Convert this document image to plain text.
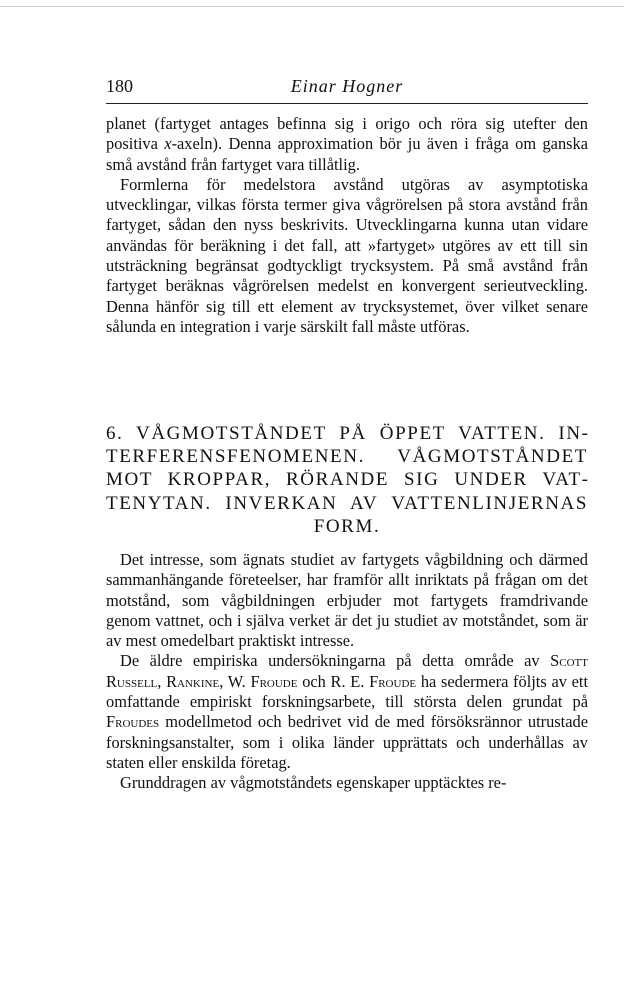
180	Einar Hogner

planet (fartyget antages befinna sig i origo och röra sig utefter den positiva x-axeln). Denna approximation bör ju även i fråga om ganska små avstånd från fartyget vara tillåtlig.

Formlerna för medelstora avstånd utgöras av asymptotiska utvecklingar, vilkas första termer giva vågrörelsen på stora avstånd från fartyget, sådan den nyss beskrivits. Utvecklingarna kunna utan vidare användas för beräkning i det fall, att »fartyget» utgöres av ett till sin utsträckning begränsat godtyckligt trycksystem. På små avstånd från fartyget beräknas vågrörelsen medelst en konvergent serieutveckling. Denna hänför sig till ett element av trycksystemet, över vilket senare sålunda en integration i varje särskilt fall måste utföras.

6. VÅGMOTSTÅNDET PÅ ÖPPET VATTEN. INTERFERENSFENOMENEN. VÅGMOTSTÅNDET MOT KROPPAR, RÖRANDE SIG UNDER VATTENYTAN. INVERKAN AV VATTENLINJERNAS FORM.

Det intresse, som ägnats studiet av fartygets vågbildning och därmed sammanhängande företeelser, har framför allt inriktats på frågan om det motstånd, som vågbildningen erbjuder mot fartygets framdrivande genom vattnet, och i själva verket är det ju studiet av motståndet, som är av mest omedelbart praktiskt intresse.

De äldre empiriska undersökningarna på detta område av Scott Russell, Rankine, W. Froude och R. E. Froude ha sedermera följts av ett omfattande empiriskt forskningsarbete, till största delen grundat på Froudes modellmetod och bedrivet vid de med försöksrännor utrustade forskningsanstalter, som i olika länder upprättats och underhållas av staten eller enskilda företag.

Grunddragen av vågmotståndets egenskaper upptäcktes re-
